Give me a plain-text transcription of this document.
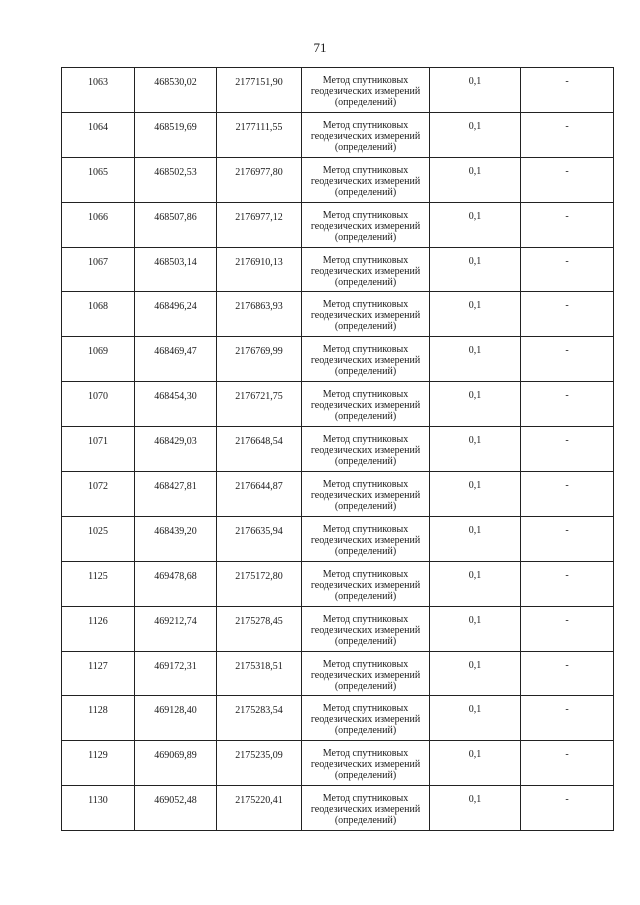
71
1063	468530,02	2177151,90	Метод спутниковых
геодезических измерений
(определений)	0,1	-

1064	468519,69	2177111,55	Метод спутниковых
геодезических измерений
(определений)	0,1	-

1065	468502,53	2176977,80	Метод спутниковых
геодезических измерений
(определений)	0,1	-

1066	468507,86	2176977,12	Метод спутниковых
геодезических измерений
(определений)	0,1	-

1067	468503,14	2176910,13	Метод спутниковых
геодезических измерений
(определений)	0,1	-

1068	468496,24	2176863,93	Метод спутниковых
геодезических измерений
(определений)	0,1	-

1069	468469,47	2176769,99	Метод спутниковых
геодезических измерений
(определений)	0,1	-

1070	468454,30	2176721,75	Метод спутниковых
геодезических измерений
(определений)	0,1	-

1071	468429,03	2176648,54	Метод спутниковых
геодезических измерений
(определений)	0,1	-

1072	468427,81	2176644,87	Метод спутниковых
геодезических измерений
(определений)	0,1	-

1025	468439,20	2176635,94	Метод спутниковых
геодезических измерений
(определений)	0,1	-

1125	469478,68	2175172,80	Метод спутниковых
геодезических измерений
(определений)	0,1	-

1126	469212,74	2175278,45	Метод спутниковых
геодезических измерений
(определений)	0,1	-

1127	469172,31	2175318,51	Метод спутниковых
геодезических измерений
(определений)	0,1	-

1128	469128,40	2175283,54	Метод спутниковых
геодезических измерений
(определений)	0,1	-

1129	469069,89	2175235,09	Метод спутниковых
геодезических измерений
(определений)	0,1	-

1130	469052,48	2175220,41	Метод спутниковых
геодезических измерений
(определений)	0,1	-
